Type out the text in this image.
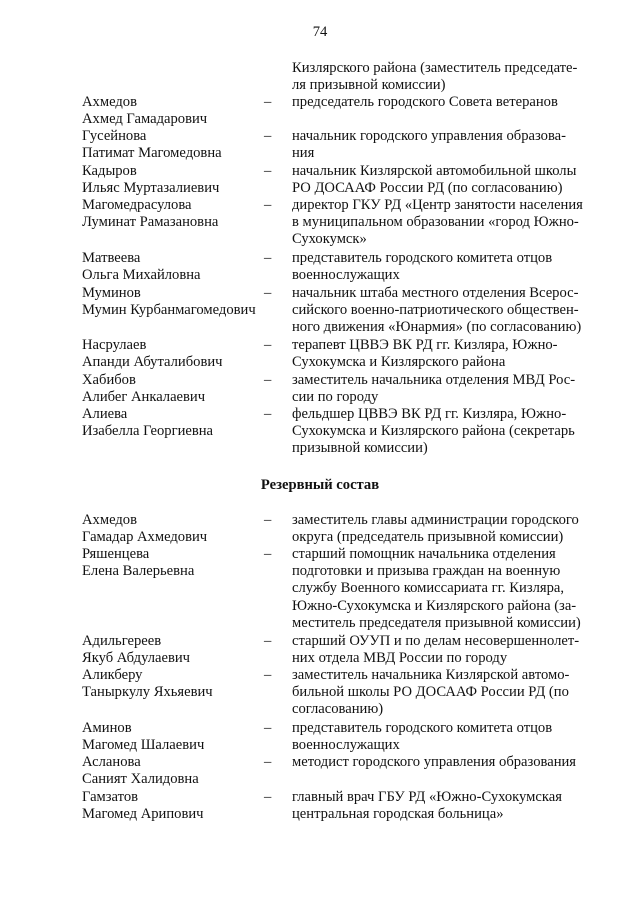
74
Кизлярского района (заместитель председате-
ля призывной комиссии)
Ахмедов
Ахмед Гамадарович
–	председатель городского Совета ветеранов
Гусейнова
Патимат Магомедовна
–	начальник городского управления образова-
ния
Кадыров
Ильяс Муртазалиевич
–	начальник Кизлярской автомобильной школы
РО ДОСААФ России РД (по согласованию)
Магомедрасулова
Луминат Рамазановна
–	директор ГКУ РД «Центр занятости населения
в муниципальном образовании «город Южно-
Сухокумск»
Матвеева
Ольга Михайловна
–	представитель городского комитета отцов
военнослужащих
Муминов
Мумин Курбанмагомедович
–	начальник штаба местного отделения Всерос-
сийского военно-патриотического обществен-
ного движения «Юнармия» (по согласованию)
Насрулаев
Апанди Абуталибович
–	терапевт ЦВВЭ ВК РД гг. Кизляра, Южно-
Сухокумска и Кизлярского района
Хабибов
Алибег Анкалаевич
–	заместитель начальника отделения МВД Рос-
сии по городу
Алиева
Изабелла Георгиевна
–	фельдшер ЦВВЭ ВК РД гг. Кизляра, Южно-
Сухокумска и Кизлярского района (секретарь
призывной комиссии)
Резервный состав
Ахмедов
Гамадар Ахмедович
–	заместитель главы администрации городского
округа (председатель призывной комиссии)
Ряшенцева
Елена Валерьевна
–	старший помощник начальника отделения
подготовки и призыва граждан на военную
службу Военного комиссариата гг. Кизляра,
Южно-Сухокумска и Кизлярского района (за-
меститель председателя призывной комиссии)
Адильгереев
Якуб Абдулаевич
–	старший ОУУП и по делам несовершеннолет-
них отдела МВД России по городу
Аликберу
Таныркулу Яхьяевич
–	заместитель начальника Кизлярской автомо-
бильной школы РО ДОСААФ России РД (по
согласованию)
Аминов
Магомед Шалаевич
–	представитель городского комитета отцов
военнослужащих
Асланова
Саният Халидовна
–	методист городского управления образования
Гамзатов
Магомед Арипович
–	главный врач ГБУ РД «Южно-Сухокумская
центральная городская больница»
